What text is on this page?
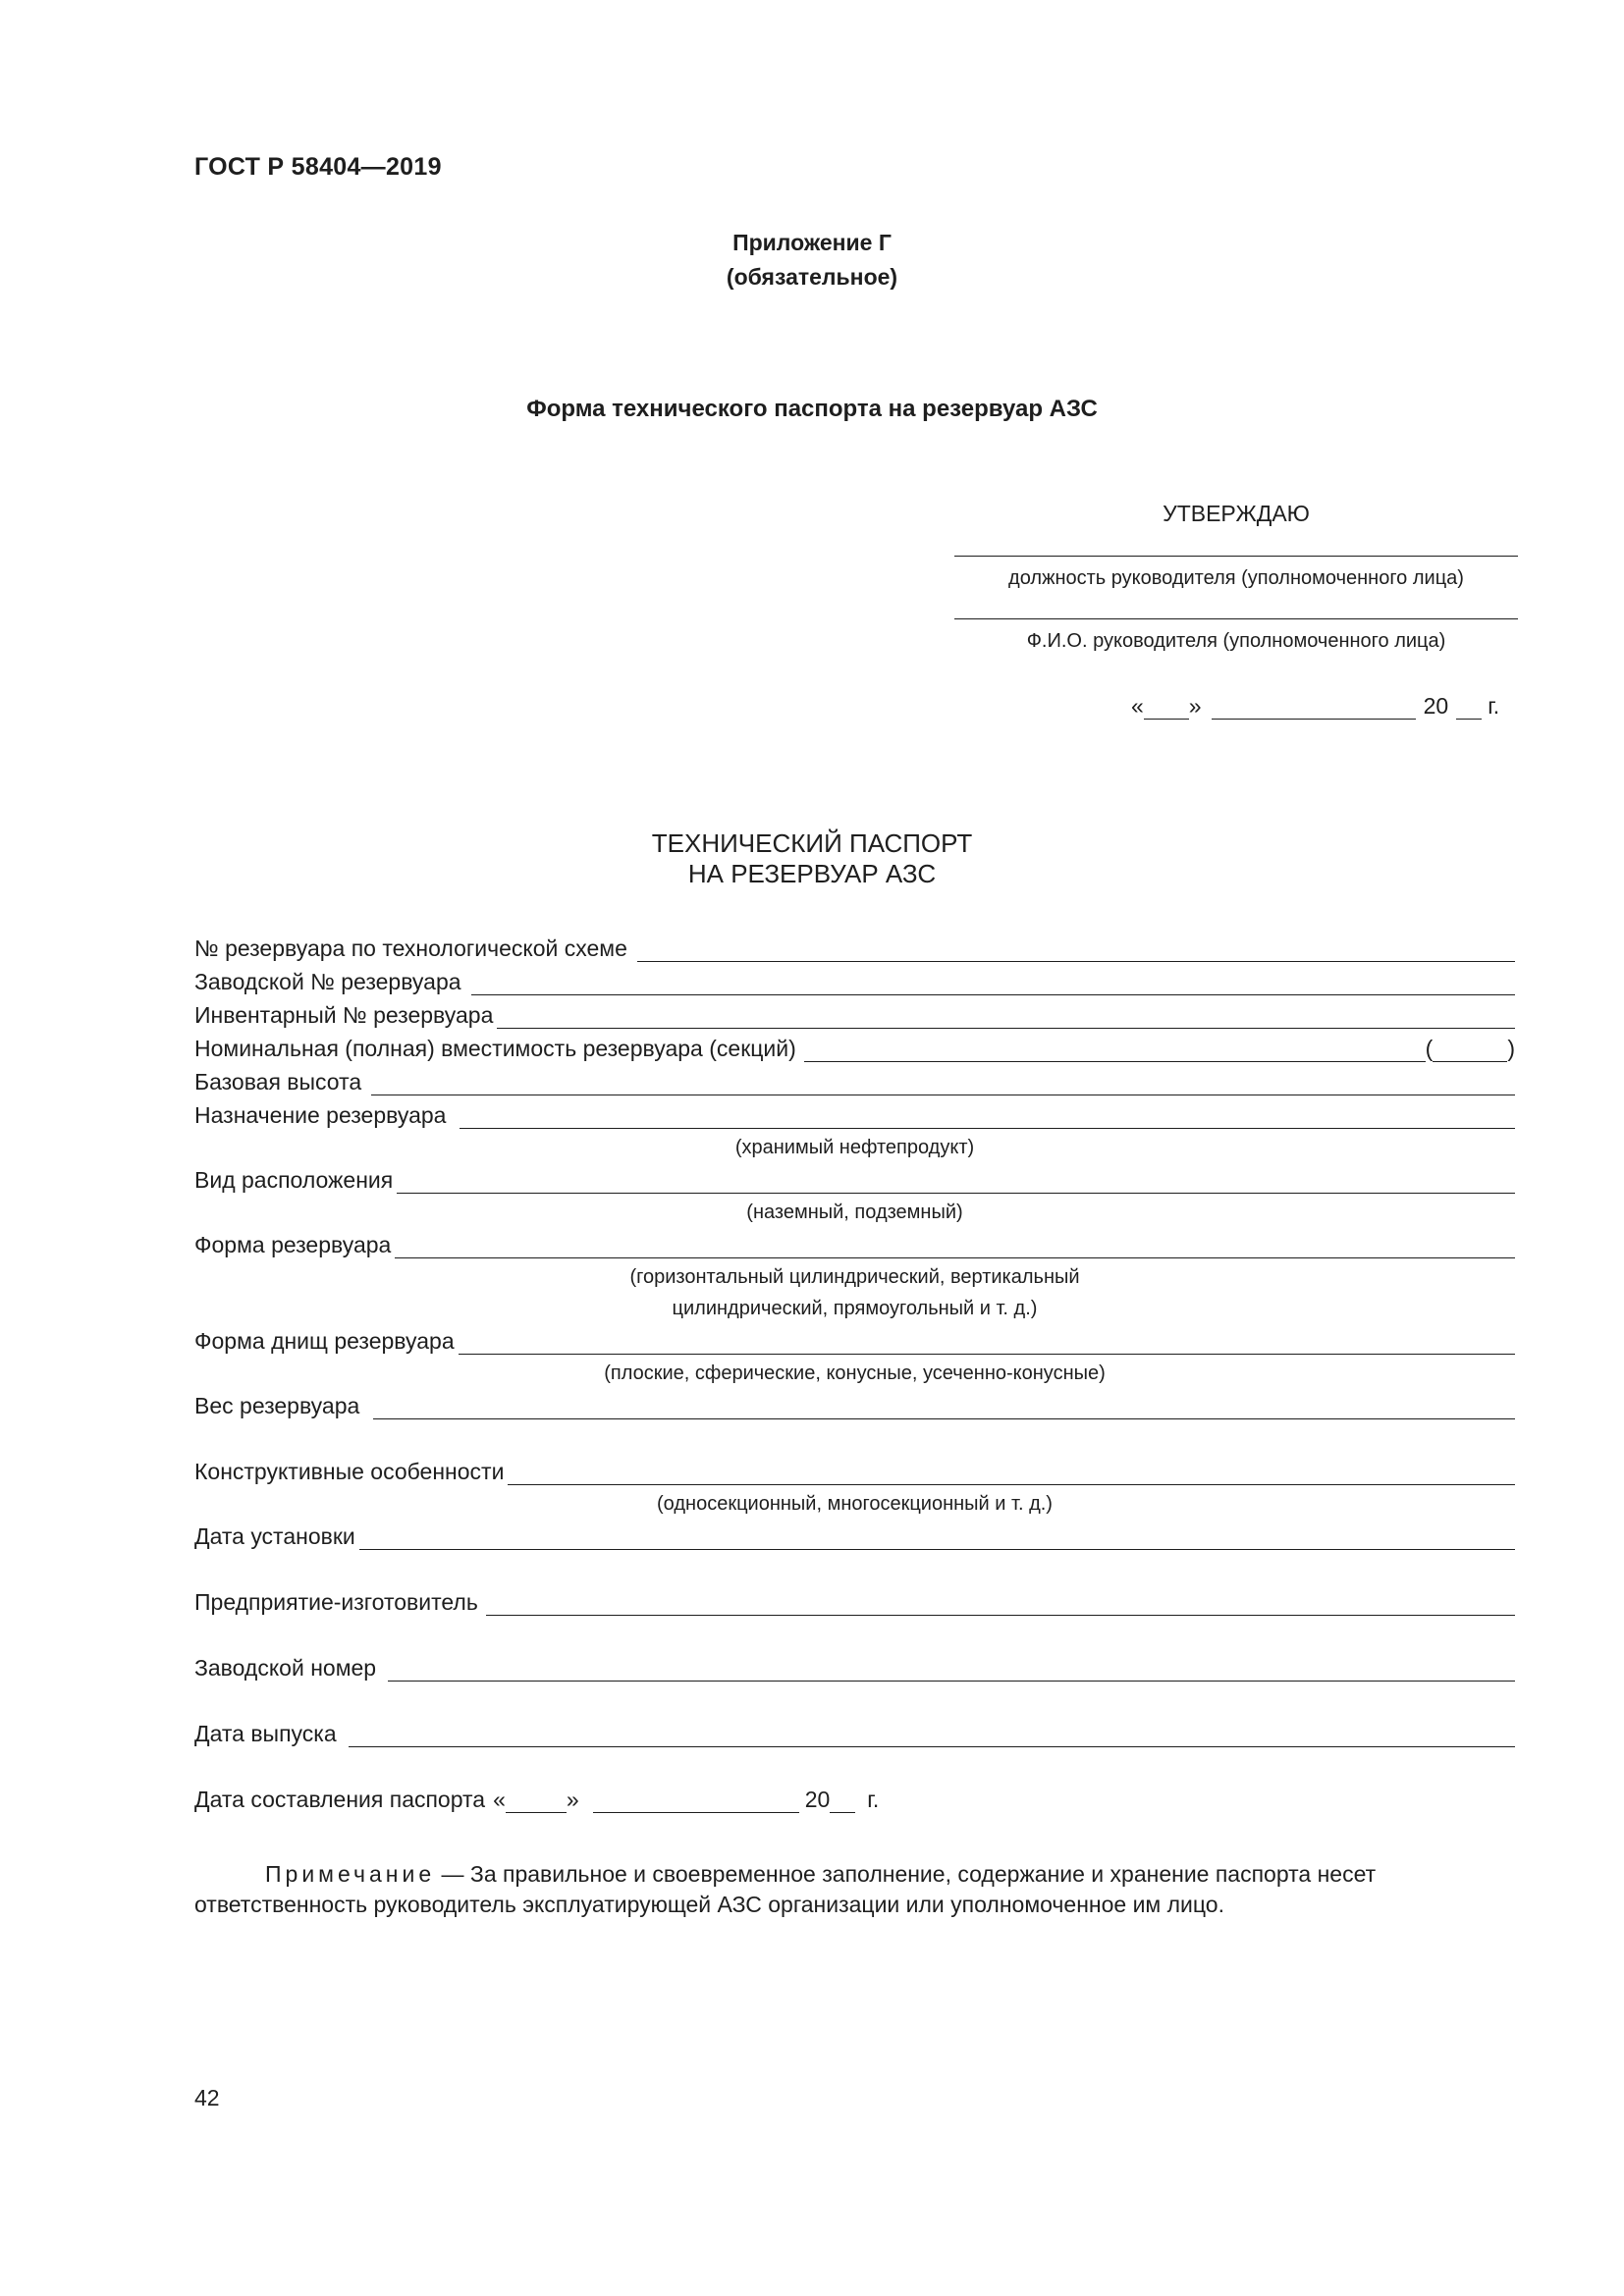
ГОСТ Р 58404—2019
Приложение Г
(обязательное)
Форма технического паспорта на резервуар АЗС
УТВЕРЖДАЮ
должность руководителя (уполномоченного лица)
Ф.И.О. руководителя (уполномоченного лица)
« »	20 г.
ТЕХНИЧЕСКИЙ ПАСПОРТ
НА РЕЗЕРВУАР АЗС
№ резервуара по технологической схеме
Заводской № резервуара
Инвентарный № резервуара
Номинальная (полная) вместимость резервуара (секций)	(	)
Базовая высота
Назначение резервуара
(хранимый нефтепродукт)
Вид расположения
(наземный, подземный)
Форма резервуара
(горизонтальный цилиндрический, вертикальный
цилиндрический, прямоугольный и т. д.)
Форма днищ резервуара
(плоские, сферические, конусные, усеченно-конусные)
Вес резервуара
Конструктивные особенности
(односекционный, многосекционный и т. д.)
Дата установки
Предприятие-изготовитель
Заводской номер
Дата выпуска
Дата составления паспорта «	»	20 г.
Примечание — За правильное и своевременное заполнение, содержание и хранение паспорта несет ответственность руководитель эксплуатирующей АЗС организации или уполномоченное им лицо.
42
